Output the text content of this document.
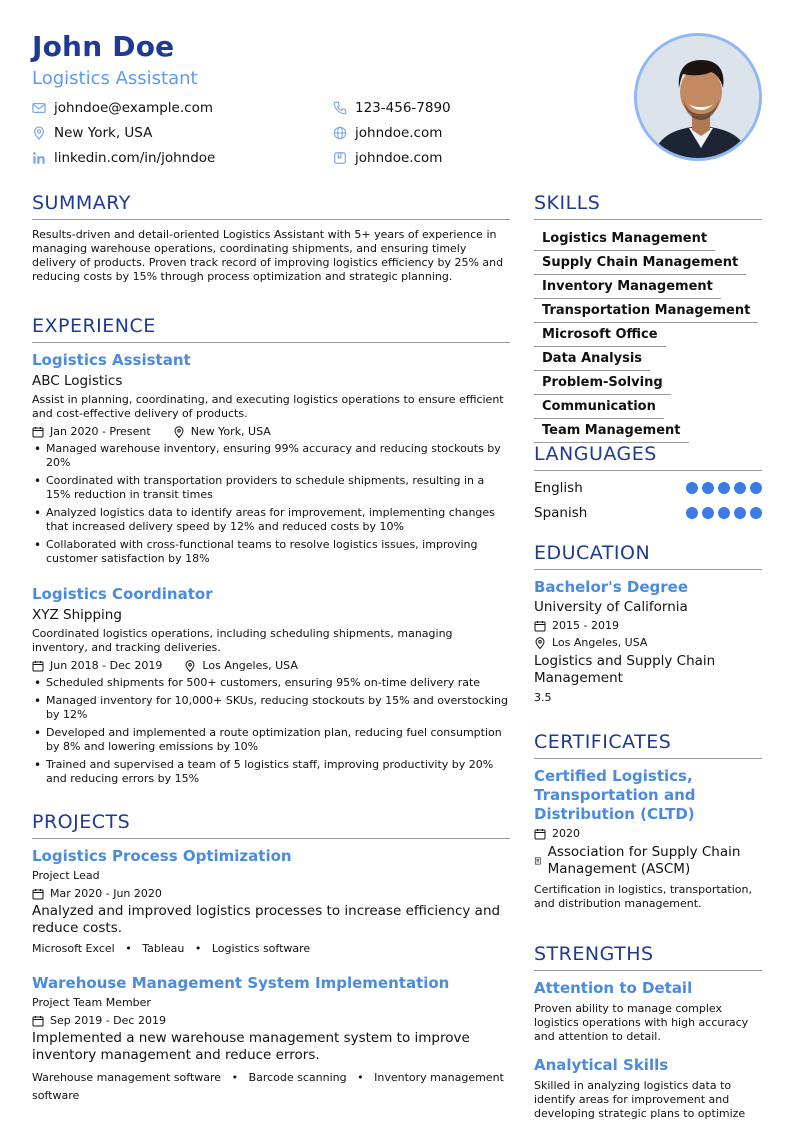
John Doe
Logistics Assistant
johndoe@example.com
New York, USA
linkedin.com/in/johndoe
123-456-7890
johndoe.com
johndoe.com
SUMMARY
Results-driven and detail-oriented Logistics Assistant with 5+ years of experience in managing warehouse operations, coordinating shipments, and ensuring timely delivery of products. Proven track record of improving logistics efficiency by 25% and reducing costs by 15% through process optimization and strategic planning.
EXPERIENCE
Logistics Assistant
ABC Logistics
Assist in planning, coordinating, and executing logistics operations to ensure efficient and cost-effective delivery of products.
Jan 2020 - Present	New York, USA
• Managed warehouse inventory, ensuring 99% accuracy and reducing stockouts by 20%
• Coordinated with transportation providers to schedule shipments, resulting in a 15% reduction in transit times
• Analyzed logistics data to identify areas for improvement, implementing changes that increased delivery speed by 12% and reduced costs by 10%
• Collaborated with cross-functional teams to resolve logistics issues, improving customer satisfaction by 18%
Logistics Coordinator
XYZ Shipping
Coordinated logistics operations, including scheduling shipments, managing inventory, and tracking deliveries.
Jun 2018 - Dec 2019	Los Angeles, USA
• Scheduled shipments for 500+ customers, ensuring 95% on-time delivery rate
• Managed inventory for 10,000+ SKUs, reducing stockouts by 15% and overstocking by 12%
• Developed and implemented a route optimization plan, reducing fuel consumption by 8% and lowering emissions by 10%
• Trained and supervised a team of 5 logistics staff, improving productivity by 20% and reducing errors by 15%
PROJECTS
Logistics Process Optimization
Project Lead
Mar 2020 - Jun 2020
Analyzed and improved logistics processes to increase efficiency and reduce costs.
Microsoft Excel • Tableau • Logistics software
Warehouse Management System Implementation
Project Team Member
Sep 2019 - Dec 2019
Implemented a new warehouse management system to improve inventory management and reduce errors.
Warehouse management software • Barcode scanning • Inventory management software
SKILLS
Logistics Management
Supply Chain Management
Inventory Management
Transportation Management
Microsoft Office
Data Analysis
Problem-Solving
Communication
Team Management
LANGUAGES
English
Spanish
EDUCATION
Bachelor's Degree
University of California
2015 - 2019
Los Angeles, USA
Logistics and Supply Chain Management
3.5
CERTIFICATES
Certified Logistics, Transportation and Distribution (CLTD)
2020
Association for Supply Chain Management (ASCM)
Certification in logistics, transportation, and distribution management.
STRENGTHS
Attention to Detail
Proven ability to manage complex logistics operations with high accuracy and attention to detail.
Analytical Skills
Skilled in analyzing logistics data to identify areas for improvement and developing strategic plans to optimize
